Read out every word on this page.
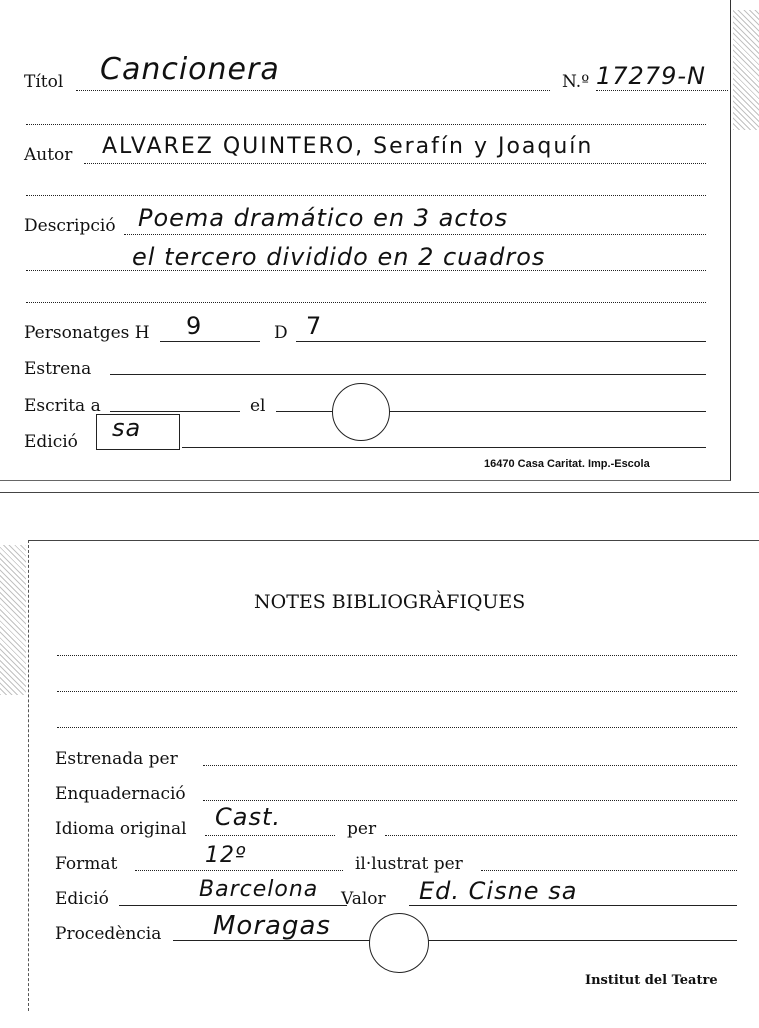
Títol Cancionera	N.º 17279-N
Autor ALVAREZ QUINTERO, Serafín y Joaquín
Descripció Poema dramático en 3 actos
el tercero dividido en 2 cuadros
Personatges H 9	D 7
Estrena
Escrita a	el
Edició sa
16470 Casa Caritat. Imp.-Escola
NOTES BIBLIOGRÀFIQUES
Estrenada per
Enquadernació
Idioma original Cast.	per
Format	12º	il·lustrat per
Edició	Barcelona Valor Ed. Cisne sa
Procedència Moragas
Institut del Teatre
